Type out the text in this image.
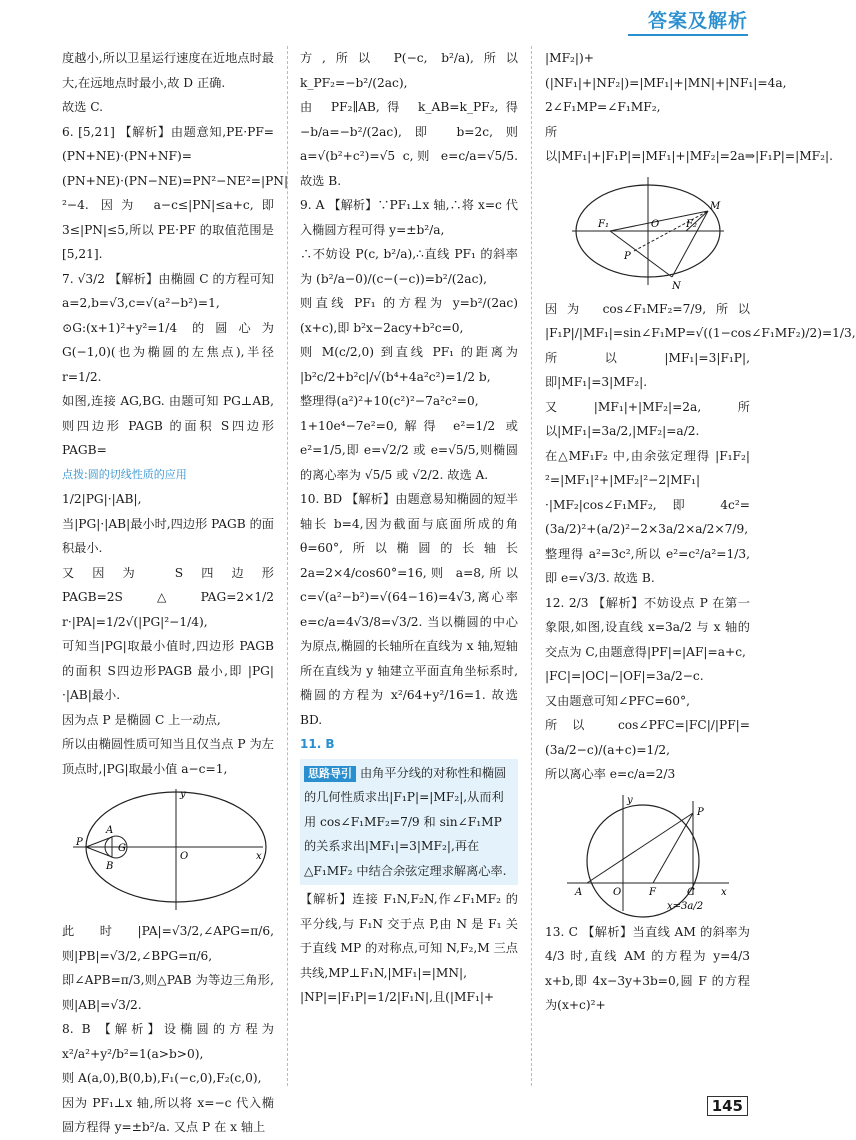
答案及解析

度越小,所以卫星运行速度在近地点时最大,在远地点时最小,故 D 正确.

故选 C.

6. [5,21] 【解析】由题意知,PE·PF=(PN+NE)·(PN+NF)=(PN+NE)·(PN−NE)=PN²−NE²=|PN|²−4. 因为 a−c≤|PN|≤a+c,即 3≤|PN|≤5,所以 PE·PF 的取值范围是[5,21].

7. √3/2 【解析】由椭圆 C 的方程可知 a=2,b=√3,c=√(a²−b²)=1,

⊙G:(x+1)²+y²=1/4 的圆心为 G(−1,0)(也为椭圆的左焦点),半径 r=1/2.

如图,连接 AG,BG. 由题可知 PG⊥AB,则四边形 PAGB 的面积 S四边形PAGB=

点拨:圆的切线性质的应用

1/2|PG|·|AB|,

当|PG|·|AB|最小时,四边形 PAGB 的面积最小.

又因为 S四边形PAGB=2S△PAG=2×1/2 r·|PA|=1/2√(|PG|²−1/4),

可知当|PG|取最小值时,四边形 PAGB 的面积 S四边形PAGB 最小,即 |PG|·|AB|最小.

因为点 P 是椭圆 C 上一动点,

所以由椭圆性质可知当且仅当点 P 为左顶点时,|PG|取最小值 a−c=1,

y
A
P
G
O
B
x

此时|PA|=√3/2,∠APG=π/6,则|PB|=√3/2,∠BPG=π/6,

即∠APB=π/3,则△PAB 为等边三角形,则|AB|=√3/2.

8. B 【解析】设椭圆的方程为 x²/a²+y²/b²=1(a>b>0),

则 A(a,0),B(0,b),F₁(−c,0),F₂(c,0),

因为 PF₁⊥x 轴,所以将 x=−c 代入椭圆方程得 y=±b²/a. 又点 P 在 x 轴上

方,所以 P(−c, b²/a),所以 k_PF₂=−b²/(2ac),

由 PF₂∥AB,得 k_AB=k_PF₂,得 −b/a=−b²/(2ac),即 b=2c,则 a=√(b²+c²)=√5 c,则 e=c/a=√5/5. 故选 B.

9. A 【解析】∵PF₁⊥x 轴,∴将 x=c 代入椭圆方程可得 y=±b²/a,

∴不妨设 P(c, b²/a),∴直线 PF₁ 的斜率为 (b²/a−0)/(c−(−c))=b²/(2ac),

则直线 PF₁ 的方程为 y=b²/(2ac)(x+c),即 b²x−2acy+b²c=0,

则 M(c/2,0) 到直线 PF₁ 的距离为 |b²c/2+b²c|/√(b⁴+4a²c²)=1/2 b,

整理得(a²)²+10(c²)²−7a²c²=0,

1+10e⁴−7e²=0,解得 e²=1/2 或 e²=1/5,即 e=√2/2 或 e=√5/5,则椭圆的离心率为 √5/5 或 √2/2. 故选 A.

10. BD 【解析】由题意易知椭圆的短半轴长 b=4,因为截面与底面所成的角 θ=60°,所以椭圆的长轴长 2a=2×4/cos60°=16,则 a=8,所以 c=√(a²−b²)=√(64−16)=4√3,离心率 e=c/a=4√3/8=√3/2. 当以椭圆的中心为原点,椭圆的长轴所在直线为 x 轴,短轴所在直线为 y 轴建立平面直角坐标系时,椭圆的方程为 x²/64+y²/16=1. 故选 BD.

11. B

思路导引 由角平分线的对称性和椭圆的几何性质求出|F₁P|=|MF₂|,从而利用 cos∠F₁MF₂=7/9 和 sin∠F₁MP 的关系求出|MF₁|=3|MF₂|,再在△F₁MF₂ 中结合余弦定理求解离心率.

【解析】连接 F₁N,F₂N,作∠F₁MF₂ 的平分线,与 F₁N 交于点 P,由 N 是 F₁ 关于直线 MP 的对称点,可知 N,F₂,M 三点共线,MP⊥F₁N,|MF₁|=|MN|,

|NP|=|F₁P|=1/2|F₁N|,且(|MF₁|+

|MF₂|)+(|NF₁|+|NF₂|)=|MF₁|+|MN|+|NF₁|=4a,

2∠F₁MP=∠F₁MF₂,

所以|MF₁|+|F₁P|=|MF₁|+|MF₂|=2a⇒|F₁P|=|MF₂|.

M
F₁	O	F₂
P
N

因为 cos∠F₁MF₂=7/9,所以 |F₁P|/|MF₁|=sin∠F₁MP=√((1−cos∠F₁MF₂)/2)=1/3,

所以|MF₁|=3|F₁P|,即|MF₁|=3|MF₂|.

又|MF₁|+|MF₂|=2a,所以|MF₁|=3a/2,|MF₂|=a/2.

在△MF₁F₂ 中,由余弦定理得 |F₁F₂|²=|MF₁|²+|MF₂|²−2|MF₁|·|MF₂|cos∠F₁MF₂,即 4c²=(3a/2)²+(a/2)²−2×3a/2×a/2×7/9,整理得 a²=3c²,所以 e²=c²/a²=1/3,即 e=√3/3. 故选 B.

12. 2/3 【解析】不妨设点 P 在第一象限,如图,设直线 x=3a/2 与 x 轴的交点为 C,由题意得|PF|=|AF|=a+c,

|FC|=|OC|−|OF|=3a/2−c.

又由题意可知∠PFC=60°,

所以 cos∠PFC=|FC|/|PF|=(3a/2−c)/(a+c)=1/2,

所以离心率 e=c/a=2/3

y
P
A	O	F	C	x
x=3a/2

13. C 【解析】当直线 AM 的斜率为 4/3 时,直线 AM 的方程为 y=4/3 x+b,即 4x−3y+3b=0,圆 F 的方程为(x+c)²+

145
